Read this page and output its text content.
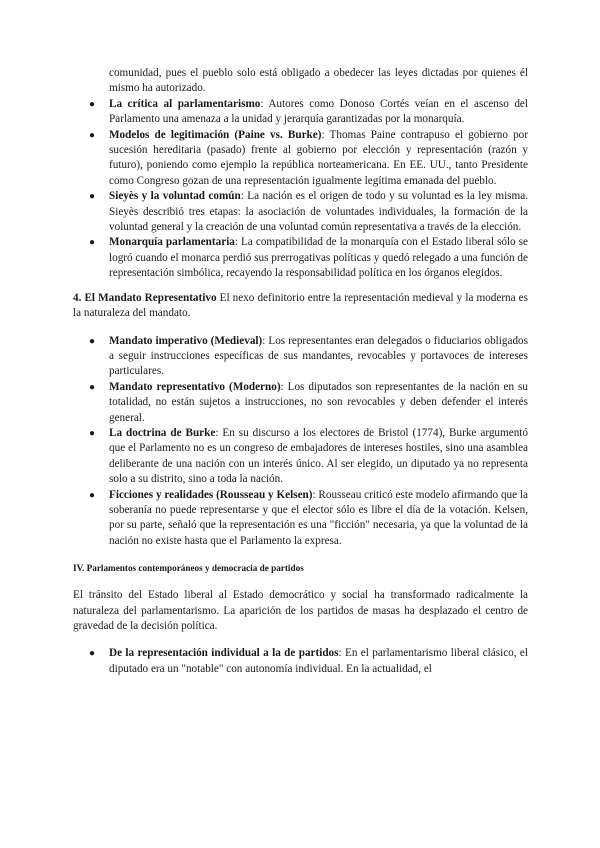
comunidad, pues el pueblo solo está obligado a obedecer las leyes dictadas por quienes él mismo ha autorizado.

● La crítica al parlamentarismo: Autores como Donoso Cortés veían en el ascenso del Parlamento una amenaza a la unidad y jerarquía garantizadas por la monarquía.
● Modelos de legitimación (Paine vs. Burke): Thomas Paine contrapuso el gobierno por sucesión hereditaria (pasado) frente al gobierno por elección y representación (razón y futuro), poniendo como ejemplo la república norteamericana. En EE. UU., tanto Presidente como Congreso gozan de una representación igualmente legítima emanada del pueblo.
● Sieyès y la voluntad común: La nación es el origen de todo y su voluntad es la ley misma. Sieyès describió tres etapas: la asociación de voluntades individuales, la formación de la voluntad general y la creación de una voluntad común representativa a través de la elección.
● Monarquía parlamentaria: La compatibilidad de la monarquía con el Estado liberal sólo se logró cuando el monarca perdió sus prerrogativas políticas y quedó relegado a una función de representación simbólica, recayendo la responsabilidad política en los órganos elegidos.

4. El Mandato Representativo El nexo definitorio entre la representación medieval y la moderna es la naturaleza del mandato.

● Mandato imperativo (Medieval): Los representantes eran delegados o fiduciarios obligados a seguir instrucciones específicas de sus mandantes, revocables y portavoces de intereses particulares.
● Mandato representativo (Moderno): Los diputados son representantes de la nación en su totalidad, no están sujetos a instrucciones, no son revocables y deben defender el interés general.
● La doctrina de Burke: En su discurso a los electores de Bristol (1774), Burke argumentó que el Parlamento no es un congreso de embajadores de intereses hostiles, sino una asamblea deliberante de una nación con un interés único. Al ser elegido, un diputado ya no representa solo a su distrito, sino a toda la nación.
● Ficciones y realidades (Rousseau y Kelsen): Rousseau criticó este modelo afirmando que la soberanía no puede representarse y que el elector sólo es libre el día de la votación. Kelsen, por su parte, señaló que la representación es una "ficción" necesaria, ya que la voluntad de la nación no existe hasta que el Parlamento la expresa.

IV. Parlamentos contemporáneos y democracia de partidos

El tránsito del Estado liberal al Estado democrático y social ha transformado radicalmente la naturaleza del parlamentarismo. La aparición de los partidos de masas ha desplazado el centro de gravedad de la decisión política.

● De la representación individual a la de partidos: En el parlamentarismo liberal clásico, el diputado era un "notable" con autonomía individual. En la actualidad, el
